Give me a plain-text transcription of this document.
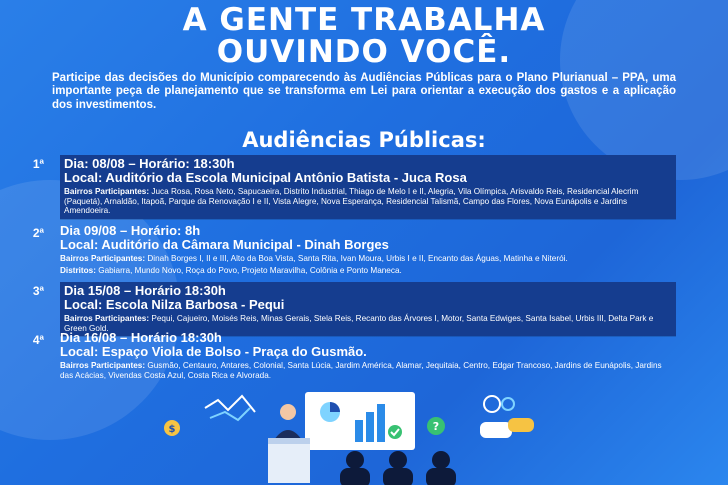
A GENTE TRABALHA
OUVINDO VOCÊ.
Participe das decisões do Município comparecendo às Audiências Públicas para o Plano Plurianual – PPA, uma importante peça de planejamento que se transforma em Lei para orientar a execução dos gastos e a aplicação dos investimentos.
Audiências Públicas:
1ª Dia: 08/08 – Horário: 18:30h
Local: Auditório da Escola Municipal Antônio Batista - Juca Rosa
Bairros Participantes: Juca Rosa, Rosa Neto, Sapucaeira, Distrito Industrial, Thiago de Melo I e II, Alegria, Vila Olímpica, Arisvaldo Reis, Residencial Alecrim (Paquetá), Arnaldão, Itapoã, Parque da Renovação I e II, Vista Alegre, Nova Esperança, Residencial Talismã, Campo das Flores, Nova Eunápolis e Jardins Amendoeira.
2ª Dia 09/08 – Horário: 8h
Local: Auditório da Câmara Municipal - Dinah Borges
Bairros Participantes: Dinah Borges I, II e III, Alto da Boa Vista, Santa Rita, Ivan Moura, Urbis I e II, Encanto das Águas, Matinha e Niterói.
Distritos: Gabiarra, Mundo Novo, Roça do Povo, Projeto Maravilha, Colônia e Ponto Maneca.
3ª Dia 15/08 – Horário 18:30h
Local: Escola Nilza Barbosa - Pequi
Bairros Participantes: Pequi, Cajueiro, Moisés Reis, Minas Gerais, Stela Reis, Recanto das Árvores I, Motor, Santa Edwiges, Santa Isabel, Urbis III, Delta Park e Green Gold.
4ª Dia 16/08 – Horário 18:30h
Local: Espaço Viola de Bolso - Praça do Gusmão.
Bairros Participantes: Gusmão, Centauro, Antares, Colonial, Santa Lúcia, Jardim América, Alamar, Jequitaia, Centro, Edgar Trancoso, Jardins de Eunápolis, Jardins das Acácias, Vivendas Costa Azul, Costa Rica e Alvorada.
$	?
